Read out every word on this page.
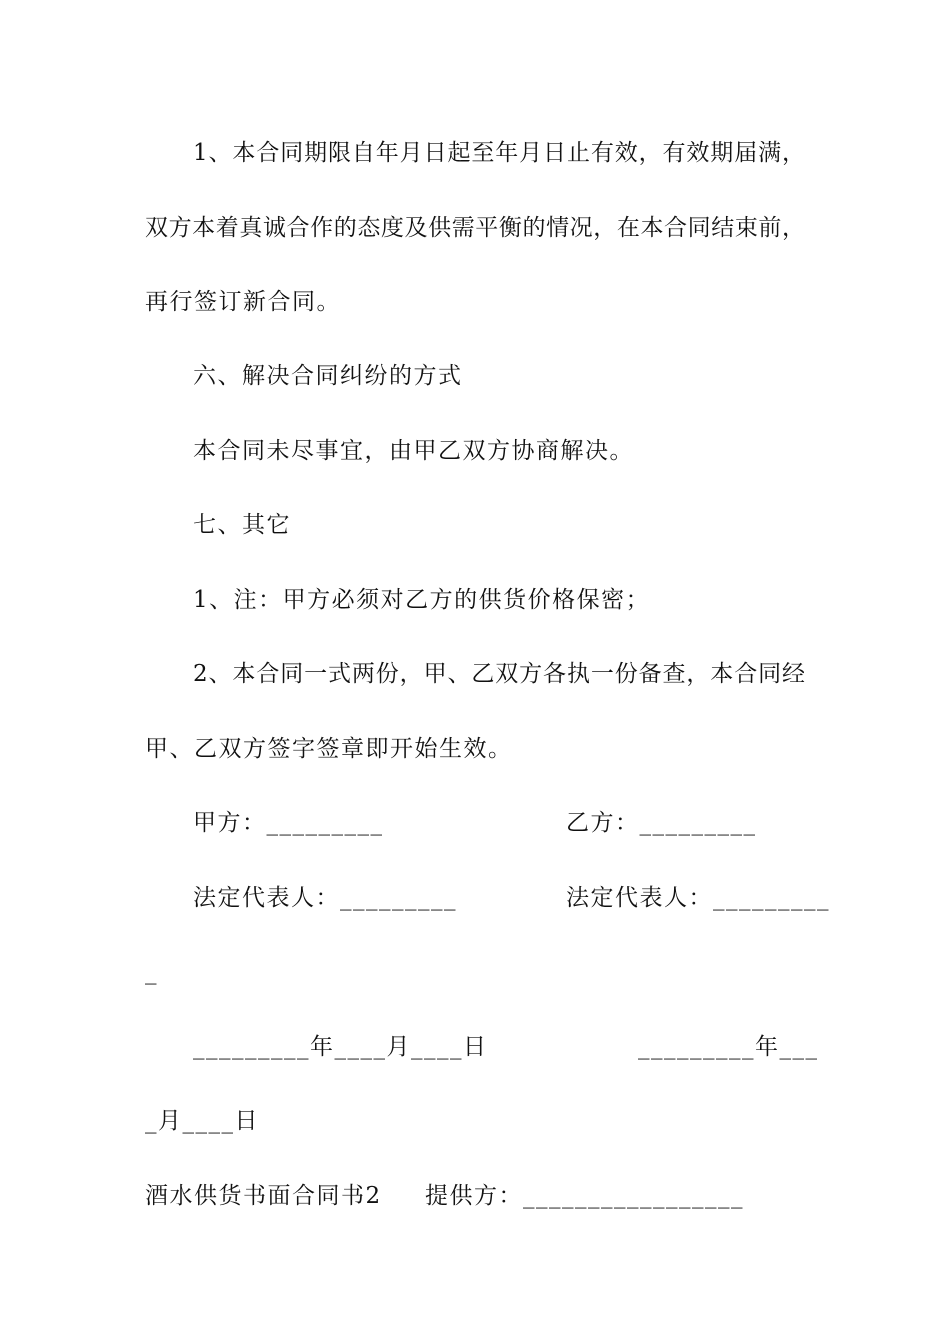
1、本合同期限自年月日起至年月日止有效，有效期届满，
双方本着真诚合作的态度及供需平衡的情况，在本合同结束前，
再行签订新合同。
六、解决合同纠纷的方式
本合同未尽事宜，由甲乙双方协商解决。
七、其它
1、注：甲方必须对乙方的供货价格保密；
2、本合同一式两份，甲、乙双方各执一份备查，本合同经
甲、乙双方签字签章即开始生效。
甲方：_________	乙方：_________
法定代表人：_________	法定代表人：_________
_
_________年____月____日	_________年___
_月____日
酒水供货书面合同书2 提供方：_________________
